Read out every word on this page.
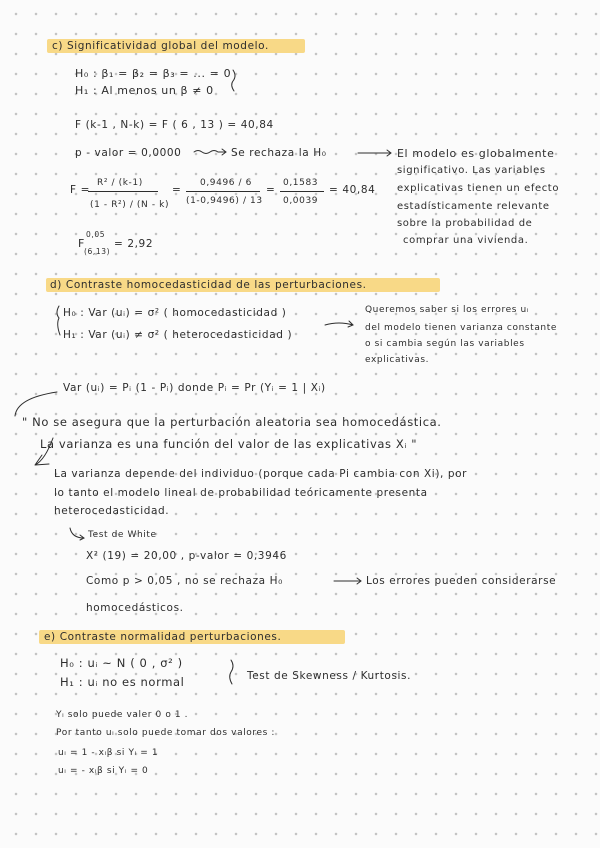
c) Significatividad global del modelo.
H₀ : β₁ = β₂ = β₃ = ... = 0
H₁ : Al menos un β ≠ 0
F (k-1 , N-k) = F ( 6 , 13 ) = 40,84
p - valor = 0,0000	Se rechaza la H₀	El modelo es globalmente
significativo. Las variables
explicativas tienen un efecto
estadísticamente relevante
sobre la probabilidad de
comprar una vivienda.
F =
R² / (k-1)
(1 - R²) / (N - k)
=
0,9496 / 6
(1-0,9496) / 13
=
0,1583
0,0039
= 40,84
F
0,05
(6,13)
= 2,92
d) Contraste homocedasticidad de las perturbaciones.
H₀ : Var (uᵢ) = σ² ( homocedasticidad )
H₁ : Var (uᵢ) ≠ σ² ( heterocedasticidad )
Queremos saber si los errores uᵢ
del modelo tienen varianza constante
o si cambia según las variables
explicativas.
Var (uᵢ) = Pᵢ (1 - Pᵢ) donde Pᵢ = Pr (Yᵢ = 1 | Xᵢ)
" No se asegura que la perturbación aleatoria sea homocedástica.
La varianza es una función del valor de las explicativas Xᵢ "
La varianza depende del individuo (porque cada Pi cambia con Xi), por
lo tanto el modelo lineal de probabilidad teóricamente presenta
heterocedasticidad.
Test de White
X² (19) = 20,00 , p-valor = 0,3946
Como p > 0,05 , no se rechaza H₀	Los errores pueden considerarse
homocedásticos.
e) Contraste normalidad perturbaciones.
H₀ : uᵢ ~ N ( 0 , σ² )
H₁ : uᵢ no es normal	Test de Skewness / Kurtosis.
Yᵢ solo puede valer 0 o 1 .
Por tanto uᵢ solo puede tomar dos valores :
uᵢ = 1 - xᵢβ si Yᵢ = 1
uᵢ = - xᵢβ si Yᵢ = 0
